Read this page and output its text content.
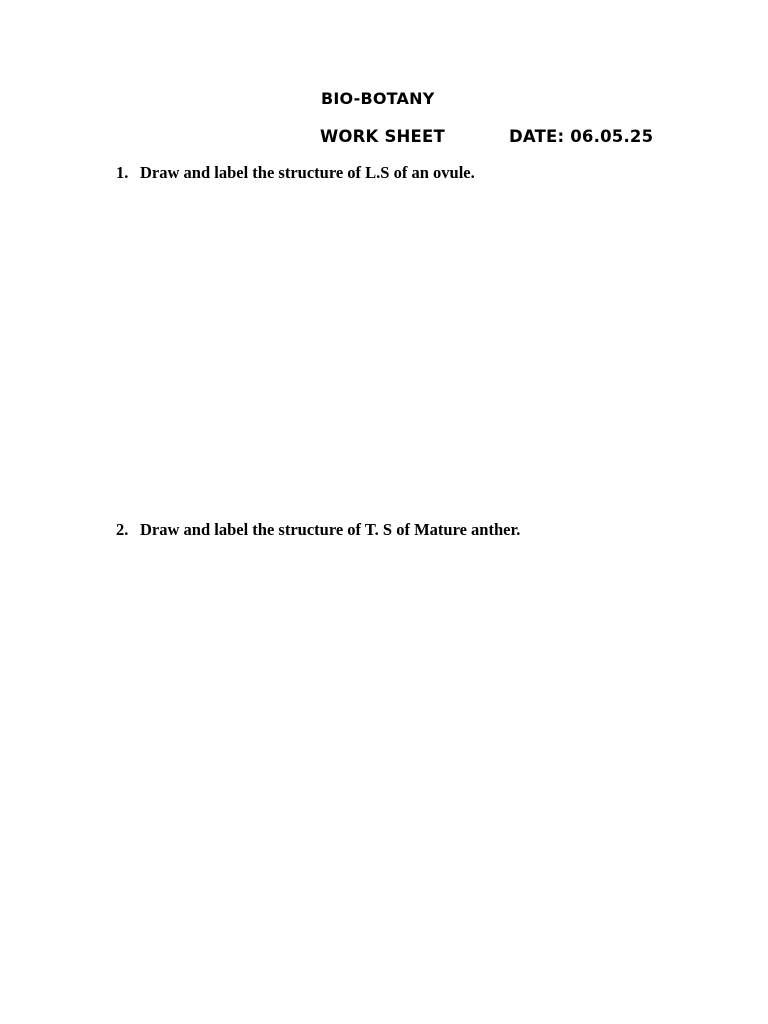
BIO-BOTANY
WORK SHEET	DATE: 06.05.25
1. Draw and label the structure of L.S of an ovule.
2. Draw and label the structure of T. S of Mature anther.
